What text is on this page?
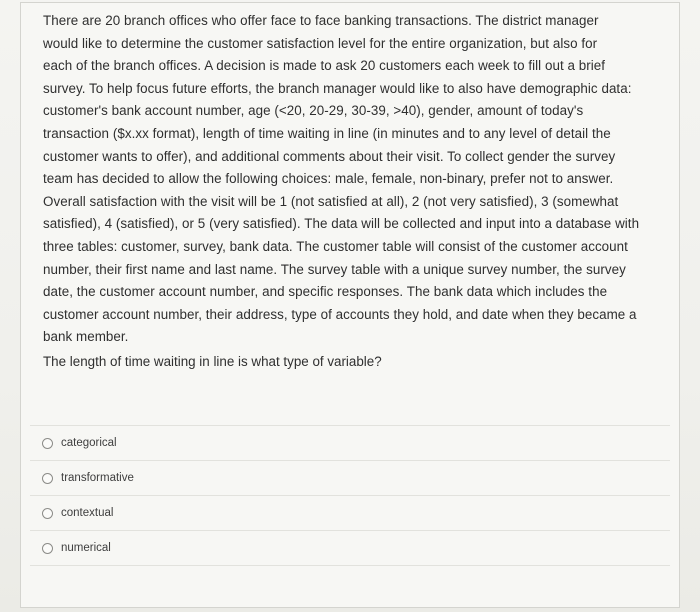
There are 20 branch offices who offer face to face banking transactions. The district manager
would like to determine the customer satisfaction level for the entire organization, but also for
each of the branch offices. A decision is made to ask 20 customers each week to fill out a brief
survey. To help focus future efforts, the branch manager would like to also have demographic data:
customer's bank account number, age (<20, 20-29, 30-39, >40), gender, amount of today's
transaction ($x.xx format), length of time waiting in line (in minutes and to any level of detail the
customer wants to offer), and additional comments about their visit. To collect gender the survey
team has decided to allow the following choices: male, female, non-binary, prefer not to answer.
Overall satisfaction with the visit will be 1 (not satisfied at all), 2 (not very satisfied), 3 (somewhat
satisfied), 4 (satisfied), or 5 (very satisfied). The data will be collected and input into a database with
three tables: customer, survey, bank data. The customer table will consist of the customer account
number, their first name and last name. The survey table with a unique survey number, the survey
date, the customer account number, and specific responses. The bank data which includes the
customer account number, their address, type of accounts they hold, and date when they became a
bank member.
The length of time waiting in line is what type of variable?
categorical
transformative
contextual
numerical
